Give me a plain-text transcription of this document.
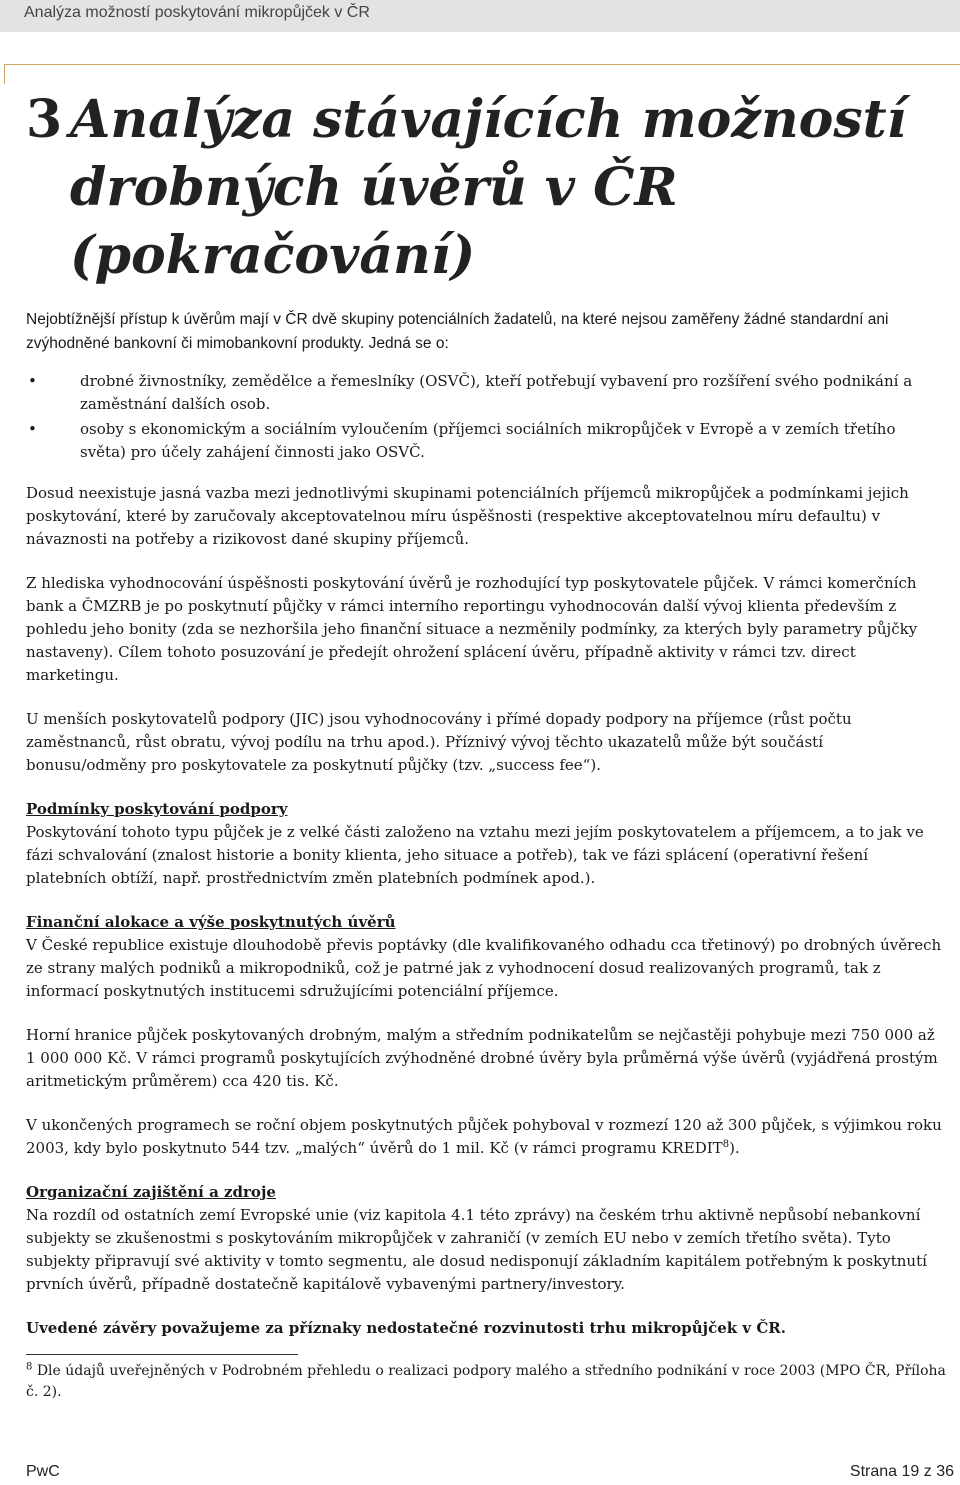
Analýza možností poskytování mikropůjček v ČR
3 Analýza stávajících možností drobných úvěrů v ČR (pokračování)

Nejobtížnější přístup k úvěrům mají v ČR dvě skupiny potenciálních žadatelů, na které nejsou zaměřeny žádné standardní ani zvýhodněné bankovní či mimobankovní produkty. Jedná se o:

•	drobné živnostníky, zemědělce a řemeslníky (OSVČ), kteří potřebují vybavení pro rozšíření svého podnikání a zaměstnání dalších osob.
•	osoby s ekonomickým a sociálním vyloučením (příjemci sociálních mikropůjček v Evropě a v zemích třetího světa) pro účely zahájení činnosti jako OSVČ.

Dosud neexistuje jasná vazba mezi jednotlivými skupinami potenciálních příjemců mikropůjček a podmínkami jejich poskytování, které by zaručovaly akceptovatelnou míru úspěšnosti (respektive akceptovatelnou míru defaultu) v návaznosti na potřeby a rizikovost dané skupiny příjemců.

Z hlediska vyhodnocování úspěšnosti poskytování úvěrů je rozhodující typ poskytovatele půjček. V rámci komerčních bank a ČMZRB je po poskytnutí půjčky v rámci interního reportingu vyhodnocován další vývoj klienta především z pohledu jeho bonity (zda se nezhoršila jeho finanční situace a nezměnily podmínky, za kterých byly parametry půjčky nastaveny). Cílem tohoto posuzování je předejít ohrožení splácení úvěru, případně aktivity v rámci tzv. direct marketingu.

U menších poskytovatelů podpory (JIC) jsou vyhodnocovány i přímé dopady podpory na příjemce (růst počtu zaměstnanců, růst obratu, vývoj podílu na trhu apod.). Příznivý vývoj těchto ukazatelů může být součástí bonusu/odměny pro poskytovatele za poskytnutí půjčky (tzv. „success fee“).

Podmínky poskytování podpory
Poskytování tohoto typu půjček je z velké části založeno na vztahu mezi jejím poskytovatelem a příjemcem, a to jak ve fázi schvalování (znalost historie a bonity klienta, jeho situace a potřeb), tak ve fázi splácení (operativní řešení platebních obtíží, např. prostřednictvím změn platebních podmínek apod.).
Finanční alokace a výše poskytnutých úvěrů
V České republice existuje dlouhodobě převis poptávky (dle kvalifikovaného odhadu cca třetinový) po drobných úvěrech ze strany malých podniků a mikropodniků, což je patrné jak z vyhodnocení dosud realizovaných programů, tak z informací poskytnutých institucemi sdružujícími potenciální příjemce.

Horní hranice půjček poskytovaných drobným, malým a středním podnikatelům se nejčastěji pohybuje mezi 750 000 až 1 000 000 Kč. V rámci programů poskytujících zvýhodněné drobné úvěry byla průměrná výše úvěrů (vyjádřená prostým aritmetickým průměrem) cca 420 tis. Kč.

V ukončených programech se roční objem poskytnutých půjček pohyboval v rozmezí 120 až 300 půjček, s výjimkou roku 2003, kdy bylo poskytnuto 544 tzv. „malých“ úvěrů do 1 mil. Kč (v rámci programu KREDIT$^8$).

Organizační zajištění a zdroje
Na rozdíl od ostatních zemí Evropské unie (viz kapitola 4.1 této zprávy) na českém trhu aktivně nepůsobí nebankovní subjekty se zkušenostmi s poskytováním mikropůjček v zahraničí (v zemích EU nebo v zemích třetího světa). Tyto subjekty připravují své aktivity v tomto segmentu, ale dosud nedisponují základním kapitálem potřebným k poskytnutí prvních úvěrů, případně dostatečně kapitálově vybavenými partnery/investory.

Uvedené závěry považujeme za příznaky nedostatečné rozvinutosti trhu mikropůjček v ČR.

$^8$ Dle údajů uveřejněných v Podrobném přehledu o realizaci podpory malého a středního podnikání v roce 2003 (MPO ČR, Příloha č. 2).
PwC	Strana 19 z 36
